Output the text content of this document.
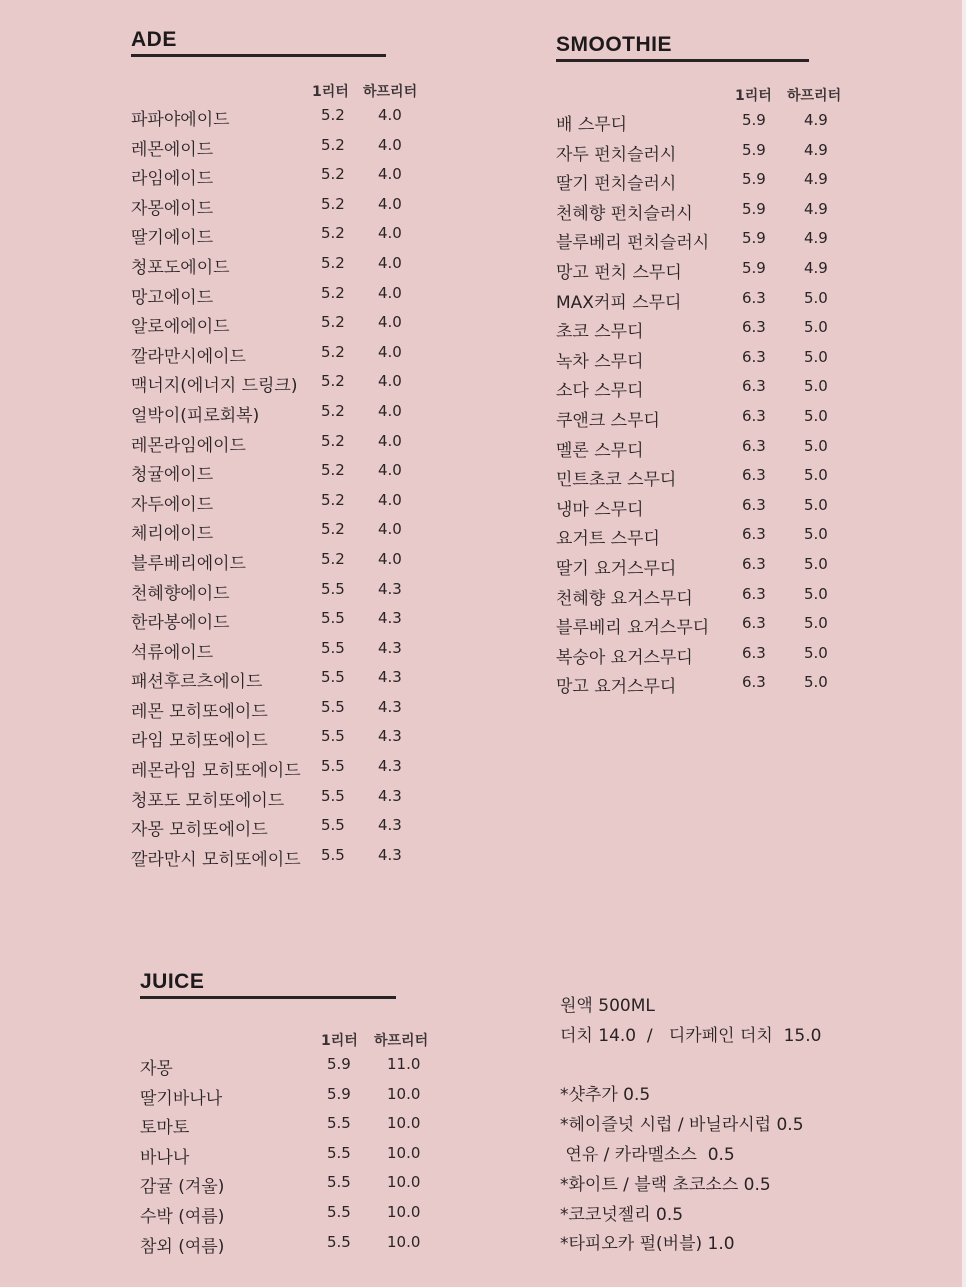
ADE
1리터 하프리터
파파야에이드	5.2 4.0
레몬에이드	5.2 4.0
라임에이드	5.2 4.0
자몽에이드	5.2 4.0
딸기에이드	5.2 4.0
청포도에이드	5.2 4.0
망고에이드	5.2 4.0
알로에에이드	5.2 4.0
깔라만시에이드	5.2 4.0
맥너지(에너지 드링크) 5.2 4.0
얼박이(피로회복)	5.2 4.0
레몬라임에이드	5.2 4.0
청귤에이드	5.2 4.0
자두에이드	5.2 4.0
체리에이드	5.2 4.0
블루베리에이드	5.2 4.0
천혜향에이드	5.5 4.3
한라봉에이드	5.5 4.3
석류에이드	5.5 4.3
패션후르츠에이드	5.5 4.3
레몬 모히또에이드	5.5 4.3
라임 모히또에이드	5.5 4.3
레몬라임 모히또에이드 5.5 4.3
청포도 모히또에이드 5.5 4.3
자몽 모히또에이드	5.5 4.3
깔라만시 모히또에이드 5.5 4.3
SMOOTHIE
1리터 하프리터
배 스무디	5.9	4.9
자두 펀치슬러시	5.9	4.9
딸기 펀치슬러시	5.9	4.9
천혜향 펀치슬러시	5.9	4.9
블루베리 펀치슬러시 5.9	4.9
망고 펀치 스무디	5.9	4.9
MAX커피 스무디	6.3	5.0
초코 스무디	6.3	5.0
녹차 스무디	6.3	5.0
소다 스무디	6.3	5.0
쿠앤크 스무디	6.3	5.0
멜론 스무디	6.3	5.0
민트초코 스무디	6.3	5.0
냉마 스무디	6.3	5.0
요거트 스무디	6.3	5.0
딸기 요거스무디	6.3	5.0
천혜향 요거스무디	6.3	5.0
블루베리 요거스무디 6.3	5.0
복숭아 요거스무디	6.3	5.0
망고 요거스무디	6.3	5.0
JUICE
1리터 하프리터
자몽	5.9 11.0
딸기바나나	5.9 10.0
토마토	5.5 10.0
바나나	5.5 10.0
감귤 (겨울)	5.5 10.0
수박 (여름)	5.5 10.0
참외 (여름)	5.5 10.0
원액 500ML
더치 14.0  /   디카페인 더치  15.0
*샷추가 0.5
*헤이즐넛 시럽 / 바닐라시럽 0.5
연유 / 카라멜소스  0.5
*화이트 / 블랙 초코소스 0.5
*코코넛젤리 0.5
*타피오카 펄(버블) 1.0
